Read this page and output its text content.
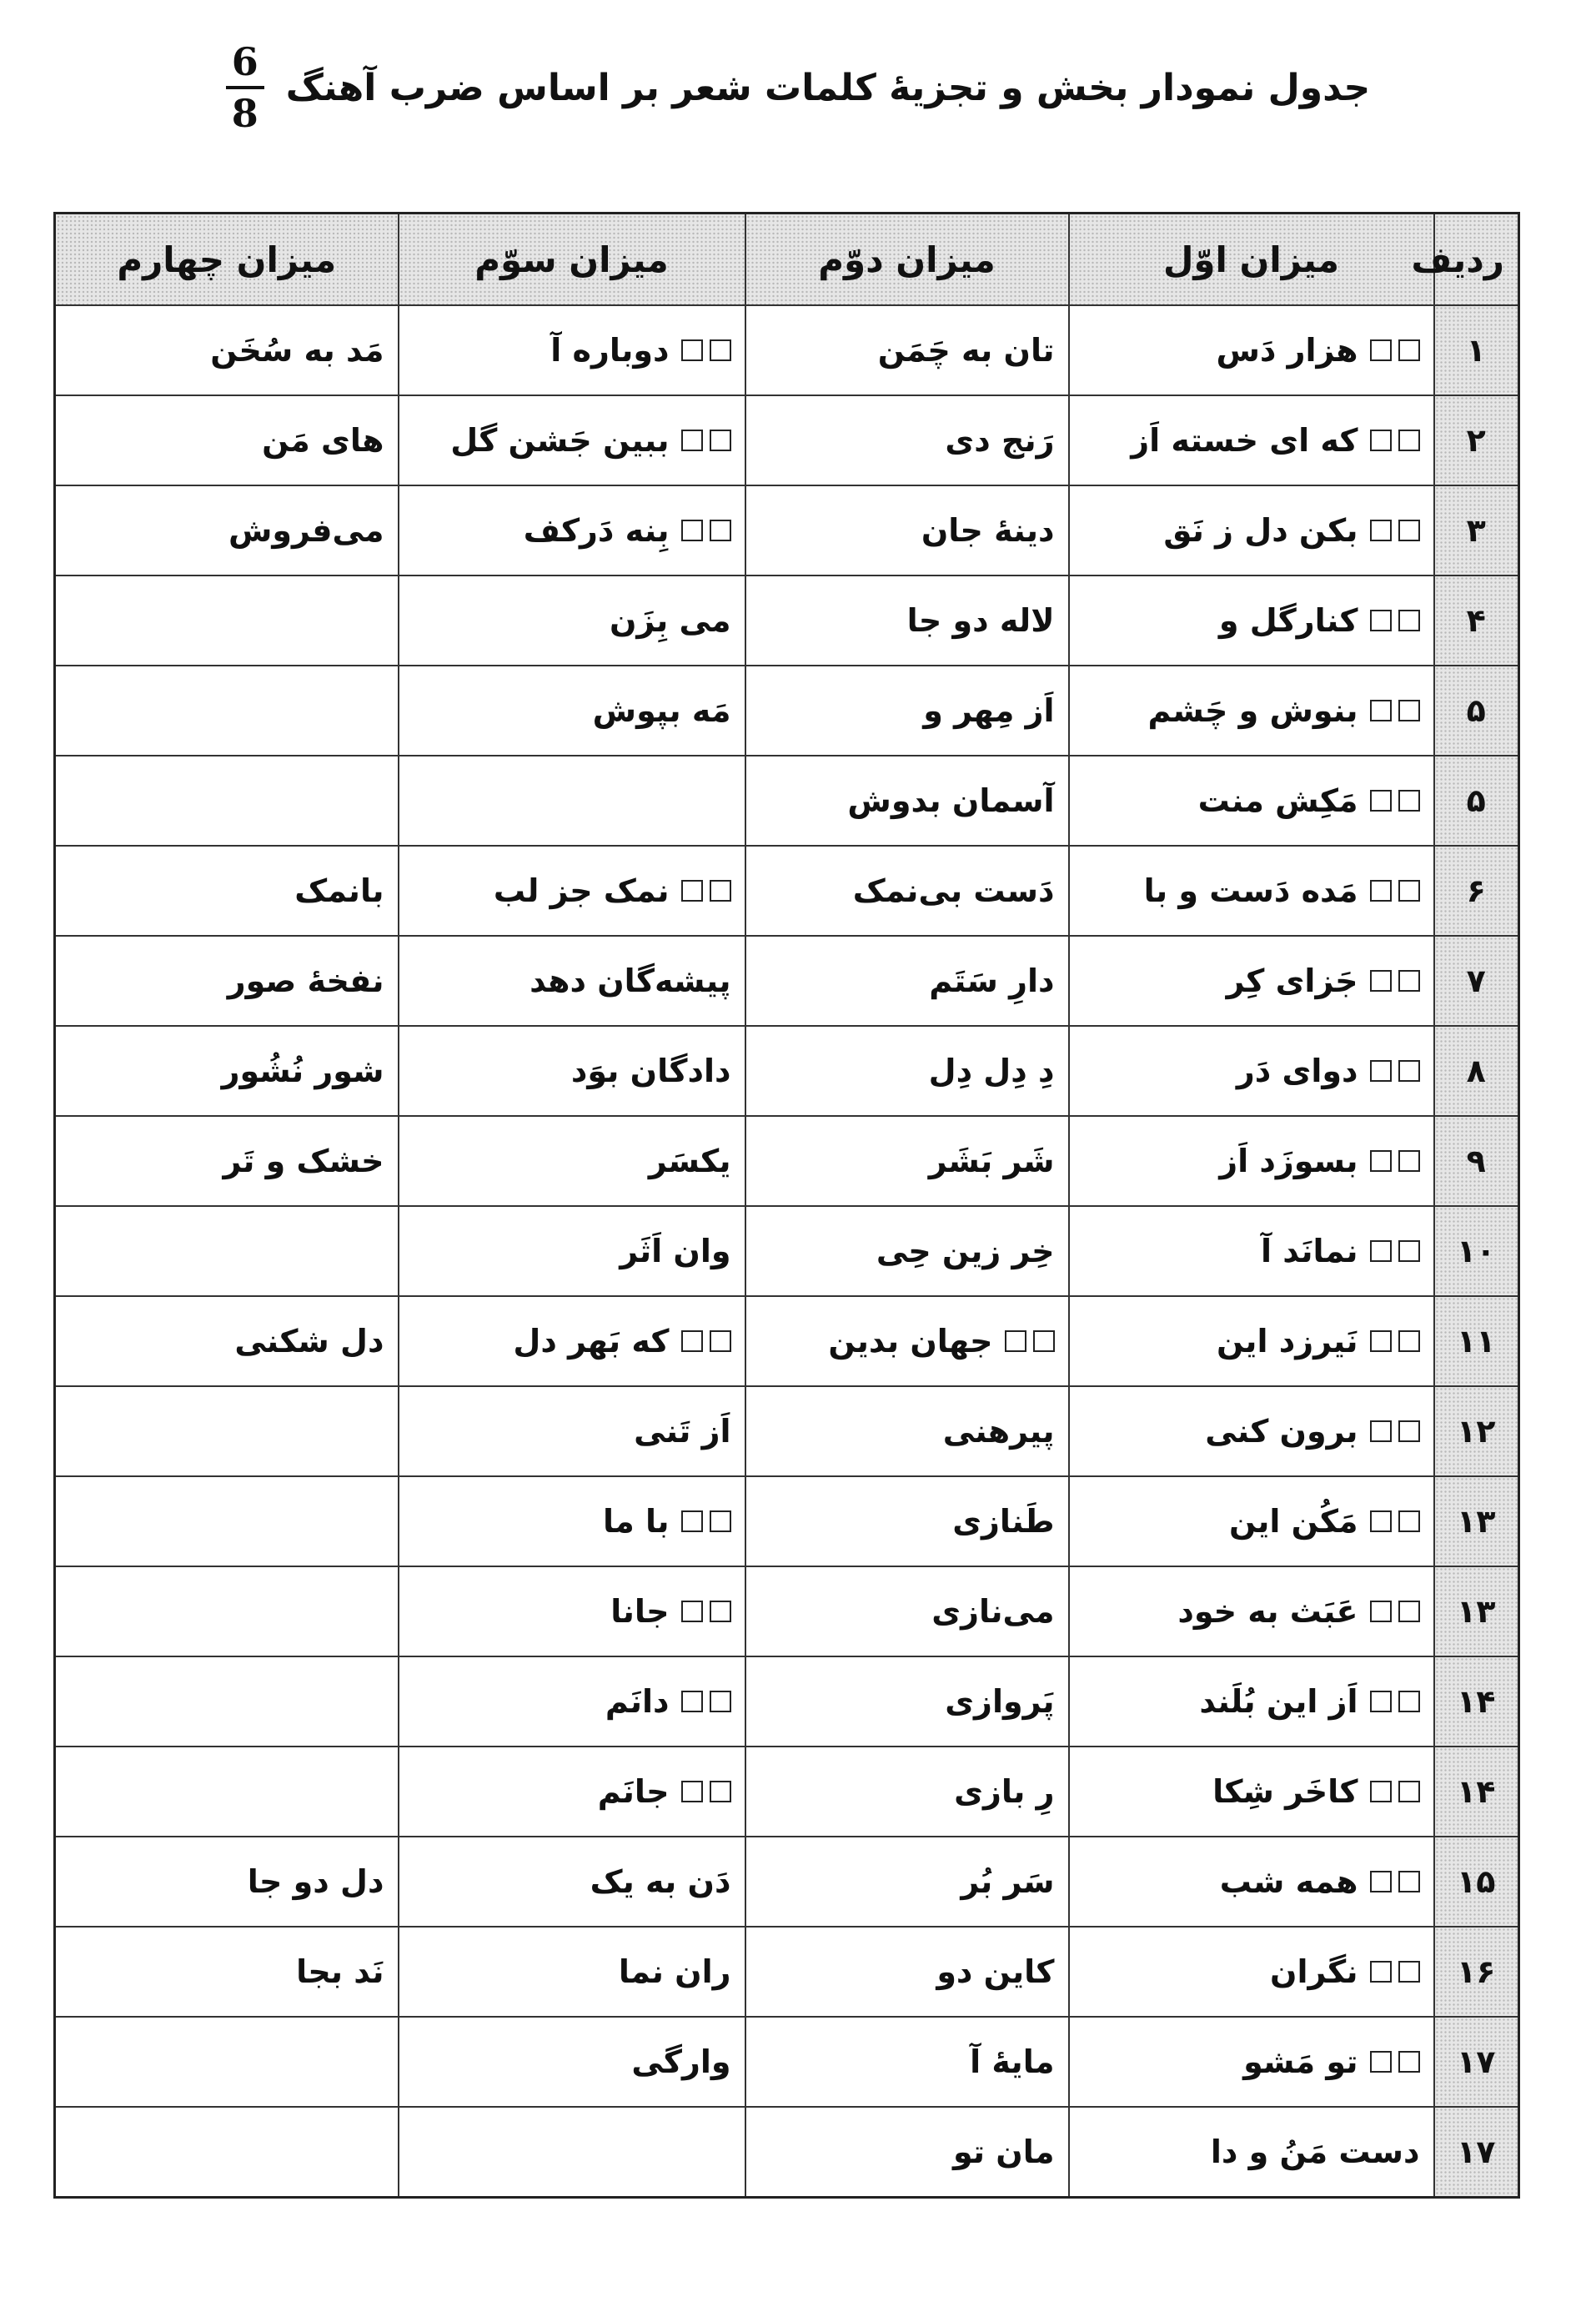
جدول نمودار بخش و تجزیهٔ کلمات شعر بر اساس ضرب آهنگ
$\frac{6}{8}$
ردیف	میزان اوّل	میزان دوّم	میزان سوّم	میزان چهارم
۱	هزار دَس	تان به چَمَن	دوباره آ	مَد به سُخَن

۲	که ای خسته اَز	رَنج دی	ببین جَشن گل	های مَن

۳	بکن دل ز نَق	دینهٔ جان	بِنه دَرکف	می‌فروش

۴	کنارگل و	لاله دو جا	می بِزَن	

۵	بنوش و چَشم	اَز مِهر و	مَه بپوش	

۵	مَکِش منت	آسمان بدوش		

۶	مَده دَست و با	دَست بی‌نمک	نمک جز لب	بانمک

۷	جَزای کِر	دارِ سَتَم	پیشه‌گان دهد	نفخهٔ صور

۸	دوای دَر	دِ دِل دِل	دادگان بوَد	شور نُشُور

۹	بسوزَد اَز	شَر بَشَر	یکسَر	خشک و تَر

۱۰	نمانَد آ	خِر زین حِی	وان اَثَر	

۱۱	نَیرزد این	جهان بدین	که بَهر دل	دل شکنی

۱۲	برون کنی	پیرهنی	اَز تَنی	

۱۳	مَکُن این	طَنازی	با ما	

۱۳	عَبَث به خود	می‌نازی	جانا	

۱۴	اَز این بُلَند	پَروازی	دانَم	

۱۴	کاخَر شِکا	رِ بازی	جانَم	

۱۵	همه شب	سَر بُر	دَن به یک	دل دو جا

۱۶	نگران	کاین دو	ران نما	نَد بجا

۱۷	تو مَشو	مایهٔ آ	وارگی	

۱۷	دست مَنُ و دا	مان تو		
